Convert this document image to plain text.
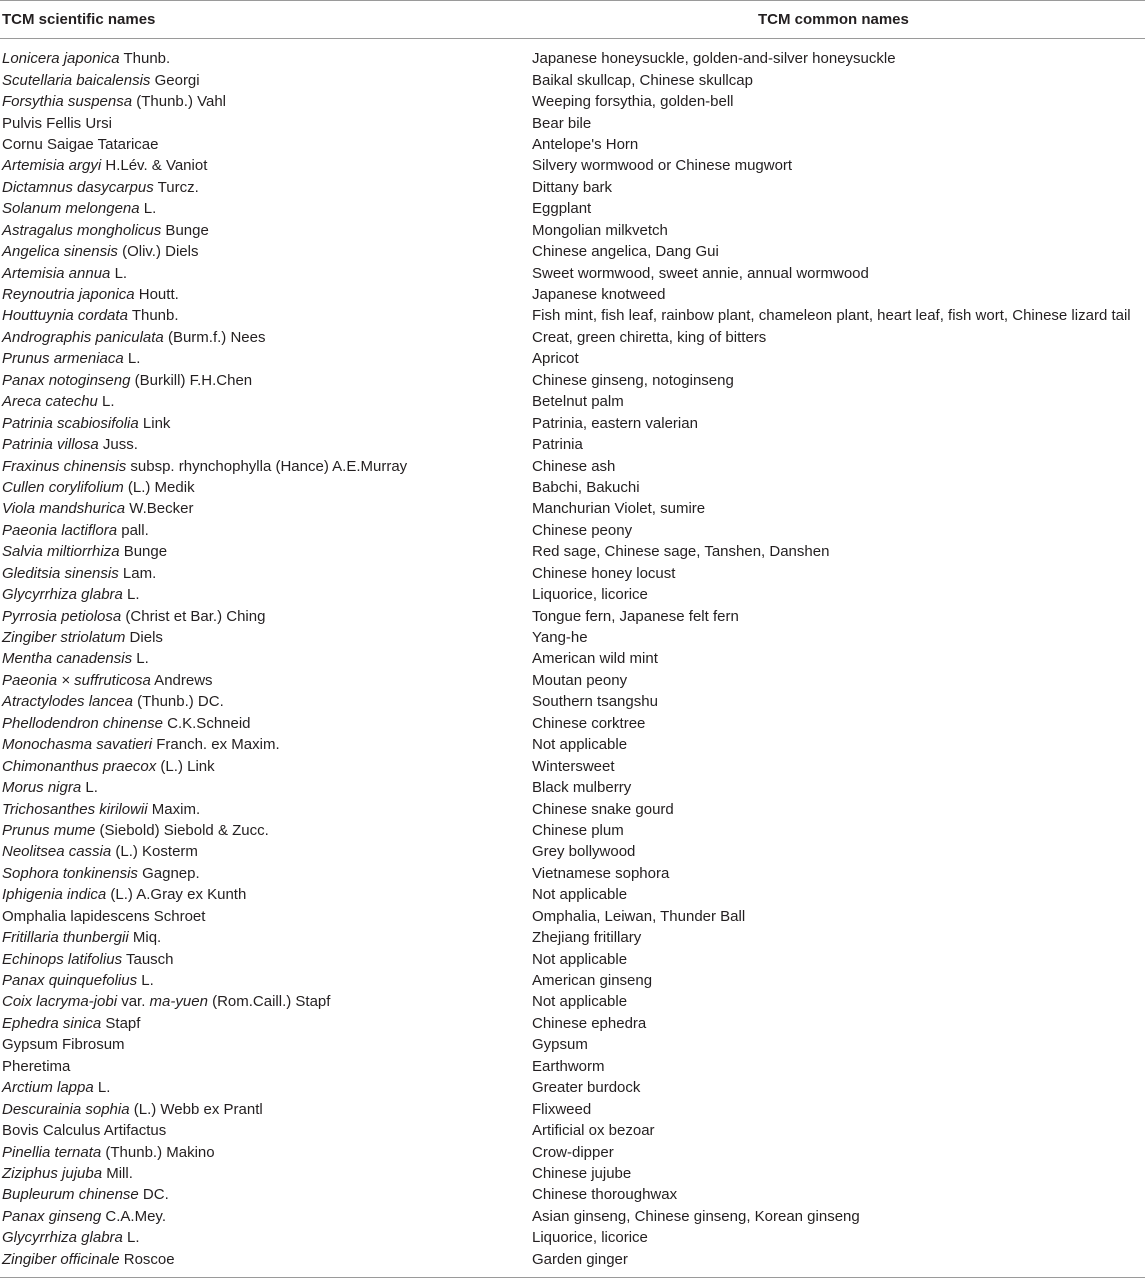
TCM scientific names	TCM common names
Lonicera japonica Thunb.	Japanese honeysuckle, golden-and-silver honeysuckle
Scutellaria baicalensis Georgi	Baikal skullcap, Chinese skullcap
Forsythia suspensa (Thunb.) Vahl	Weeping forsythia, golden-bell
Pulvis Fellis Ursi	Bear bile
Cornu Saigae Tataricae	Antelope's Horn
Artemisia argyi H.Lév. & Vaniot	Silvery wormwood or Chinese mugwort
Dictamnus dasycarpus Turcz.	Dittany bark
Solanum melongena L.	Eggplant
Astragalus mongholicus Bunge	Mongolian milkvetch
Angelica sinensis (Oliv.) Diels	Chinese angelica, Dang Gui
Artemisia annua L.	Sweet wormwood, sweet annie, annual wormwood
Reynoutria japonica Houtt.	Japanese knotweed
Houttuynia cordata Thunb.	Fish mint, fish leaf, rainbow plant, chameleon plant, heart leaf, fish wort, Chinese lizard tail
Andrographis paniculata (Burm.f.) Nees	Creat, green chiretta, king of bitters
Prunus armeniaca L.	Apricot
Panax notoginseng (Burkill) F.H.Chen	Chinese ginseng, notoginseng
Areca catechu L.	Betelnut palm
Patrinia scabiosifolia Link	Patrinia, eastern valerian
Patrinia villosa Juss.	Patrinia
Fraxinus chinensis subsp. rhynchophylla (Hance) A.E.Murray	Chinese ash
Cullen corylifolium (L.) Medik	Babchi, Bakuchi
Viola mandshurica W.Becker	Manchurian Violet, sumire
Paeonia lactiflora pall.	Chinese peony
Salvia miltiorrhiza Bunge	Red sage, Chinese sage, Tanshen, Danshen
Gleditsia sinensis Lam.	Chinese honey locust
Glycyrrhiza glabra L.	Liquorice, licorice
Pyrrosia petiolosa (Christ et Bar.) Ching	Tongue fern, Japanese felt fern
Zingiber striolatum Diels	Yang-he
Mentha canadensis L.	American wild mint
Paeonia × suffruticosa Andrews	Moutan peony
Atractylodes lancea (Thunb.) DC.	Southern tsangshu
Phellodendron chinense C.K.Schneid	Chinese corktree
Monochasma savatieri Franch. ex Maxim.	Not applicable
Chimonanthus praecox (L.) Link	Wintersweet
Morus nigra L.	Black mulberry
Trichosanthes kirilowii Maxim.	Chinese snake gourd
Prunus mume (Siebold) Siebold & Zucc.	Chinese plum
Neolitsea cassia (L.) Kosterm	Grey bollywood
Sophora tonkinensis Gagnep.	Vietnamese sophora
Iphigenia indica (L.) A.Gray ex Kunth	Not applicable
Omphalia lapidescens Schroet	Omphalia, Leiwan, Thunder Ball
Fritillaria thunbergii Miq.	Zhejiang fritillary
Echinops latifolius Tausch	Not applicable
Panax quinquefolius L.	American ginseng
Coix lacryma-jobi var. ma-yuen (Rom.Caill.) Stapf	Not applicable
Ephedra sinica Stapf	Chinese ephedra
Gypsum Fibrosum	Gypsum
Pheretima	Earthworm
Arctium lappa L.	Greater burdock
Descurainia sophia (L.) Webb ex Prantl	Flixweed
Bovis Calculus Artifactus	Artificial ox bezoar
Pinellia ternata (Thunb.) Makino	Crow-dipper
Ziziphus jujuba Mill.	Chinese jujube
Bupleurum chinense DC.	Chinese thoroughwax
Panax ginseng C.A.Mey.	Asian ginseng, Chinese ginseng, Korean ginseng
Glycyrrhiza glabra L.	Liquorice, licorice
Zingiber officinale Roscoe	Garden ginger
